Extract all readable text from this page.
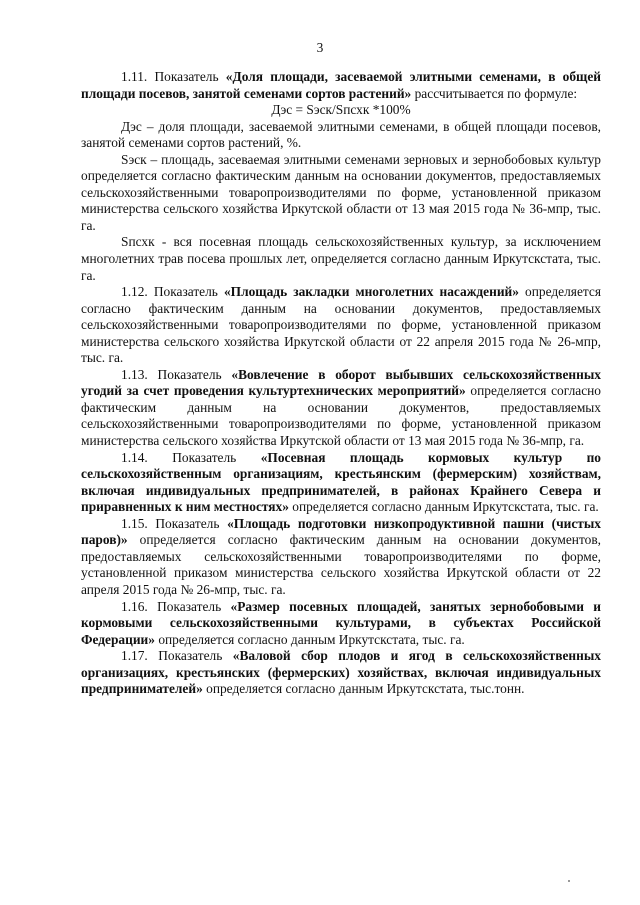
3

1.11. Показатель «Доля площади, засеваемой элитными семенами, в общей площади посевов, занятой семенами сортов растений» рассчитывается по формуле:

Дэс = Sэск/Sпсхк *100%

Дэс – доля площади, засеваемой элитными семенами, в общей площади посевов, занятой семенами сортов растений, %.

Sэск – площадь, засеваемая элитными семенами зерновых и зернобобовых культур определяется согласно фактическим данным на основании документов, предоставляемых сельскохозяйственными товаропроизводителями по форме, установленной приказом министерства сельского хозяйства Иркутской области от 13 мая 2015 года № 36-мпр, тыс. га.

Sпсхк - вся посевная площадь сельскохозяйственных культур, за исключением многолетних трав посева прошлых лет, определяется согласно данным Иркутскстата, тыс. га.

1.12. Показатель «Площадь закладки многолетних насаждений» определяется согласно фактическим данным на основании документов, предоставляемых сельскохозяйственными товаропроизводителями по форме, установленной приказом министерства сельского хозяйства Иркутской области от 22 апреля 2015 года № 26-мпр, тыс. га.

1.13. Показатель «Вовлечение в оборот выбывших сельскохозяйственных угодий за счет проведения культуртехнических мероприятий» определяется согласно фактическим данным на основании документов, предоставляемых сельскохозяйственными товаропроизводителями по форме, установленной приказом министерства сельского хозяйства Иркутской области от 13 мая 2015 года № 36-мпр, га.

1.14. Показатель «Посевная площадь кормовых культур по сельскохозяйственным организациям, крестьянским (фермерским) хозяйствам, включая индивидуальных предпринимателей, в районах Крайнего Севера и приравненных к ним местностях» определяется согласно данным Иркутскстата, тыс. га.

1.15. Показатель «Площадь подготовки низкопродуктивной пашни (чистых паров)» определяется согласно фактическим данным на основании документов, предоставляемых сельскохозяйственными товаропроизводителями по форме, установленной приказом министерства сельского хозяйства Иркутской области от 22 апреля 2015 года № 26-мпр, тыс. га.

1.16. Показатель «Размер посевных площадей, занятых зернобобовыми и кормовыми сельскохозяйственными культурами, в субъектах Российской Федерации» определяется согласно данным Иркутскстата, тыс. га.

1.17. Показатель «Валовой сбор плодов и ягод в сельскохозяйственных организациях, крестьянских (фермерских) хозяйствах, включая индивидуальных предпринимателей» определяется согласно данным Иркутскстата, тыс.тонн.
